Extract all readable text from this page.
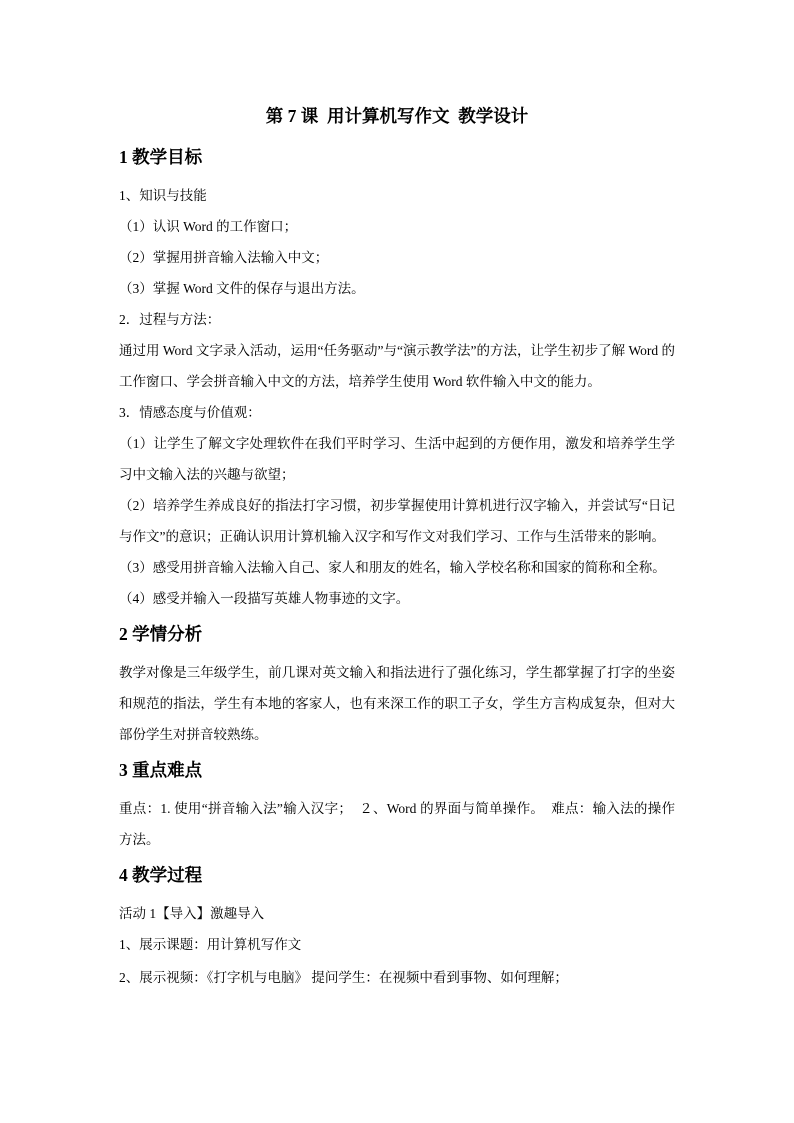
第 7 课  用计算机写作文  教学设计
1 教学目标

1、知识与技能

（1）认识 Word 的工作窗口；

（2）掌握用拼音输入法输入中文；

（3）掌握 Word 文件的保存与退出方法。

2．过程与方法：

通过用 Word 文字录入活动，运用“任务驱动”与“演示教学法”的方法，让学生初步了解 Word 的工作窗口、学会拼音输入中文的方法，培养学生使用 Word 软件输入中文的能力。

3．情感态度与价值观：

（1）让学生了解文字处理软件在我们平时学习、生活中起到的方便作用，激发和培养学生学习中文输入法的兴趣与欲望；

（2）培养学生养成良好的指法打字习惯，初步掌握使用计算机进行汉字输入，并尝试写“日记与作文”的意识；正确认识用计算机输入汉字和写作文对我们学习、工作与生活带来的影响。

（3）感受用拼音输入法输入自己、家人和朋友的姓名，输入学校名称和国家的简称和全称。

（4）感受并输入一段描写英雄人物事迹的文字。

2 学情分析

教学对像是三年级学生，前几课对英文输入和指法进行了强化练习，学生都掌握了打字的坐姿和规范的指法，学生有本地的客家人，也有来深工作的职工子女，学生方言构成复杂，但对大部份学生对拼音较熟练。

3 重点难点

重点：1. 使用“拼音输入法”输入汉字；　２、Word 的界面与简单操作。　难点：输入法的操作方法。

4 教学过程

活动 1【导入】激趣导入

1、展示课题：用计算机写作文

2、展示视频：《打字机与电脑》 提问学生：在视频中看到事物、如何理解；
